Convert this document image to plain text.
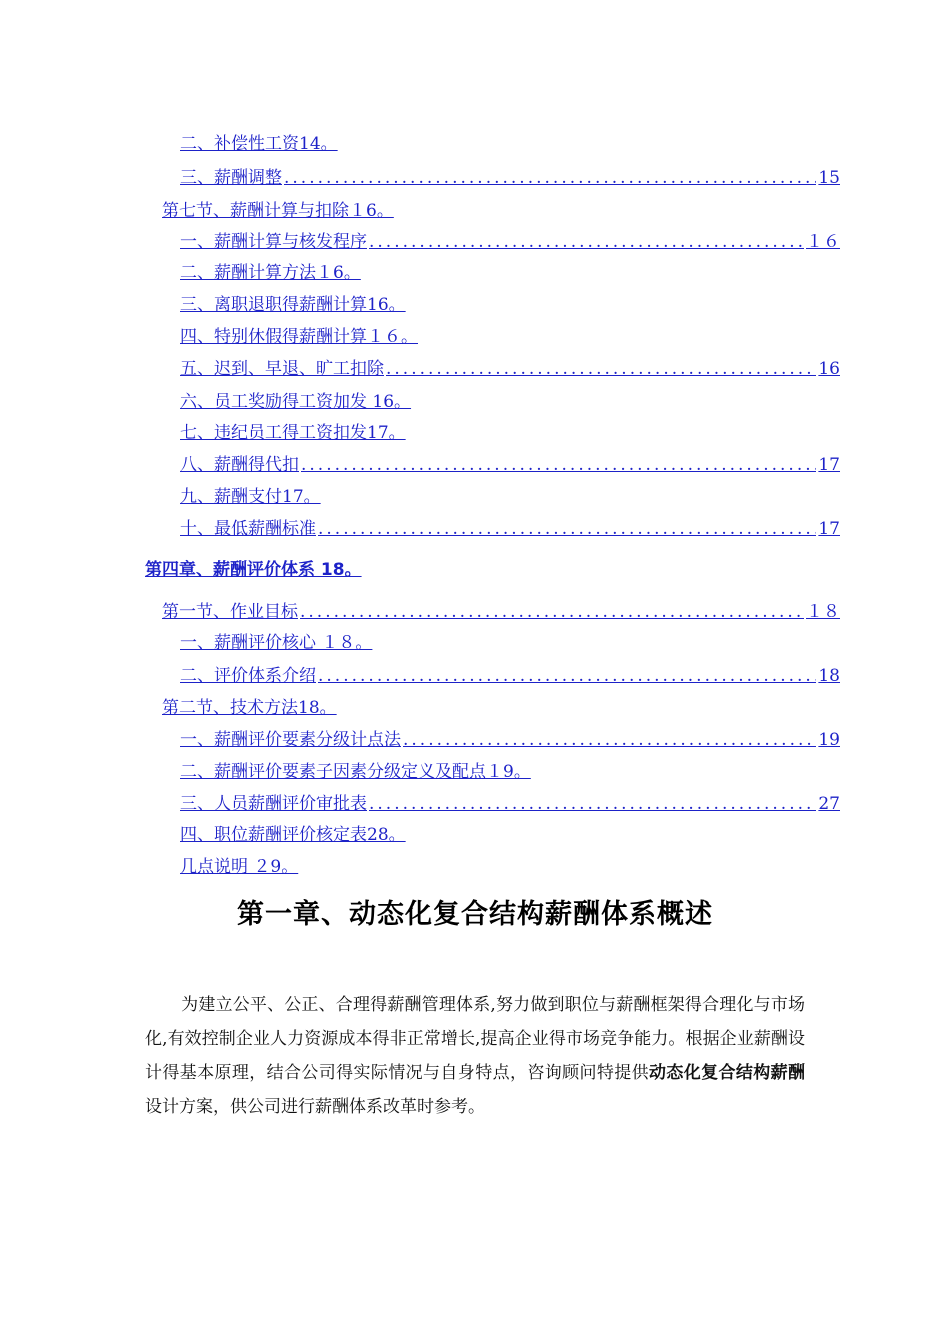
二、补偿性工资14。
三、薪酬调整 .....	15
第七节、薪酬计算与扣除１6。
一、薪酬计算与核发程序 .....	１６
二、薪酬计算方法１6。
三、离职退职得薪酬计算16。
四、特别休假得薪酬计算１６。
五、迟到、早退、旷工扣除 .....	16
六、员工奖励得工资加发 16。
七、违纪员工得工资扣发17。
八、薪酬得代扣 .....	17
九、薪酬支付17。
十、最低薪酬标准 .....	17
第四章、薪酬评价体系 18。
第一节、作业目标 .....	１８
一、薪酬评价核心 １８。
二、评价体系介绍 .....	18
第二节、技术方法18。
一、薪酬评价要素分级计点法 .....	19
二、薪酬评价要素子因素分级定义及配点１9。
三、人员薪酬评价审批表 .....	27
四、职位薪酬评价核定表28。
几点说明 ２9。
第一章、动态化复合结构薪酬体系概述

为建立公平、公正、合理得薪酬管理体系,努力做到职位与薪酬框架得合理化与市场化,有效控制企业人力资源成本得非正常增长,提高企业得市场竞争能力。根据企业薪酬设计得基本原理，结合公司得实际情况与自身特点，咨询顾问特提供动态化复合结构薪酬设计方案，供公司进行薪酬体系改革时参考。
